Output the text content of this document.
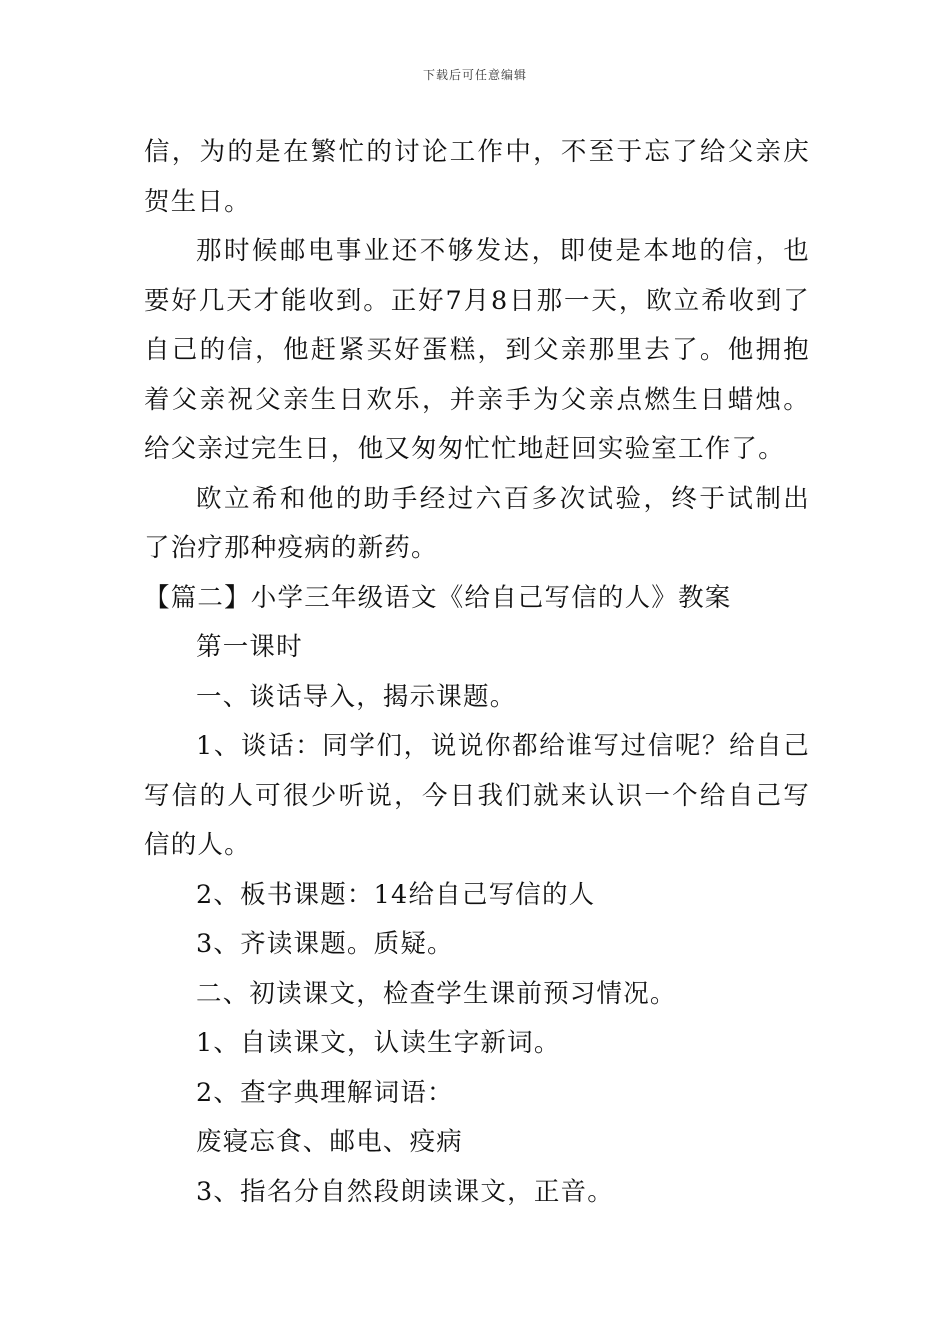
下载后可任意编辑

信，为的是在繁忙的讨论工作中，不至于忘了给父亲庆贺生日。

那时候邮电事业还不够发达，即使是本地的信，也要好几天才能收到。正好7月8日那一天，欧立希收到了自己的信，他赶紧买好蛋糕，到父亲那里去了。他拥抱着父亲祝父亲生日欢乐，并亲手为父亲点燃生日蜡烛。给父亲过完生日，他又匆匆忙忙地赶回实验室工作了。

欧立希和他的助手经过六百多次试验，终于试制出了治疗那种疫病的新药。

【篇二】小学三年级语文《给自己写信的人》教案

第一课时

一、谈话导入，揭示课题。

1、谈话：同学们，说说你都给谁写过信呢？给自己写信的人可很少听说，今日我们就来认识一个给自己写信的人。

2、板书课题：14给自己写信的人

3、齐读课题。质疑。

二、初读课文，检查学生课前预习情况。

1、自读课文，认读生字新词。

2、查字典理解词语：

废寝忘食、邮电、疫病

3、指名分自然段朗读课文，正音。
